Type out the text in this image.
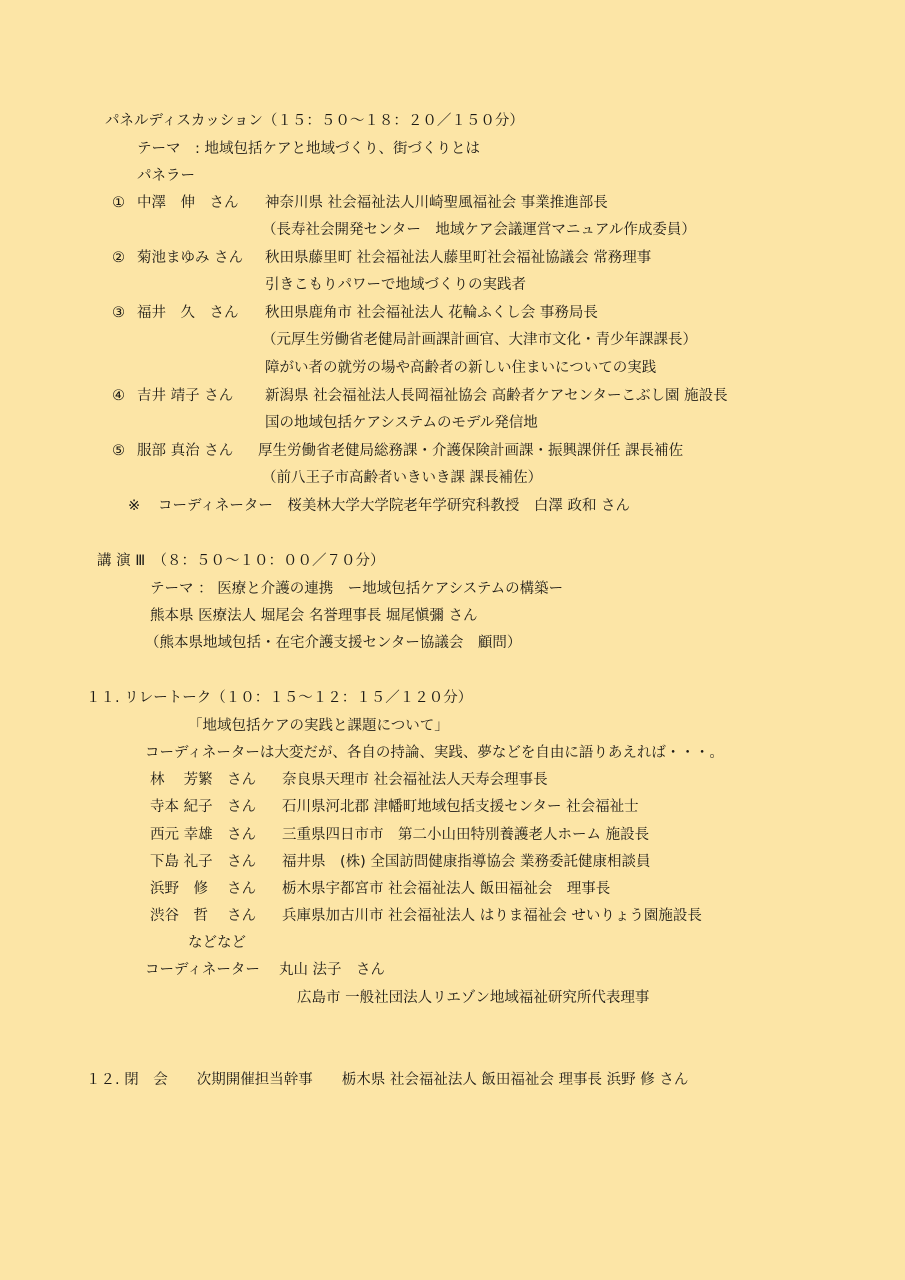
パネルディスカッション（１５：５０～１８：２０／１５０分）
テーマ　: 地域包括ケアと地域づくり、街づくりとは
パネラー
① 中澤　伸　さん 神奈川県 社会福祉法人川崎聖風福祉会 事業推進部長
（長寿社会開発センター　地域ケア会議運営マニュアル作成委員）
② 菊池まゆみ さん 秋田県藤里町 社会福祉法人藤里町社会福祉協議会 常務理事
引きこもりパワーで地域づくりの実践者
③ 福井　久　さん 秋田県鹿角市 社会福祉法人 花輪ふくし会 事務局長
（元厚生労働省老健局計画課計画官、大津市文化・青少年課課長）
障がい者の就労の場や高齢者の新しい住まいについての実践
④ 吉井 靖子 さん 新潟県 社会福祉法人長岡福祉協会 高齢者ケアセンターこぶし園 施設長
国の地域包括ケアシステムのモデル発信地
⑤ 服部 真治 さん 厚生労働省老健局総務課・介護保険計画課・振興課併任 課長補佐
（前八王子市高齢者いきいき課 課長補佐）
※ コーディネーター　桜美林大学大学院老年学研究科教授　白澤 政和 さん
講 演 Ⅲ　（８：５０～１０：００／７０分）
テーマ ： 医療と介護の連携　ー地域包括ケアシステムの構築ー
熊本県 医療法人 堀尾会 名誉理事長 堀尾愼彌 さん
（熊本県地域包括・在宅介護支援センター協議会　顧問）
１１. リレートーク（１０：１５～１２：１５／１２０分）
「地域包括ケアの実践と課題について」
コーディネーターは大変だが、各自の持論、実践、夢などを自由に語りあえれば・・・。
林　 芳繁　さん 奈良県天理市 社会福祉法人天寿会理事長
寺本 紀子　さん 石川県河北郡 津幡町地域包括支援センター 社会福祉士
西元 幸雄　さん 三重県四日市市　第二小山田特別養護老人ホーム 施設長
下島 礼子　さん 福井県　(株) 全国訪問健康指導協会 業務委託健康相談員
浜野　修　 さん 栃木県宇都宮市 社会福祉法人 飯田福祉会　理事長
渋谷　哲　 さん 兵庫県加古川市 社会福祉法人 はりま福祉会 せいりょう園施設長
などなど
コーディネーター　 丸山 法子　さん
広島市 一般社団法人リエゾン地域福祉研究所代表理事
１２. 閉　会　　次期開催担当幹事　　栃木県 社会福祉法人 飯田福祉会 理事長 浜野 修 さん
